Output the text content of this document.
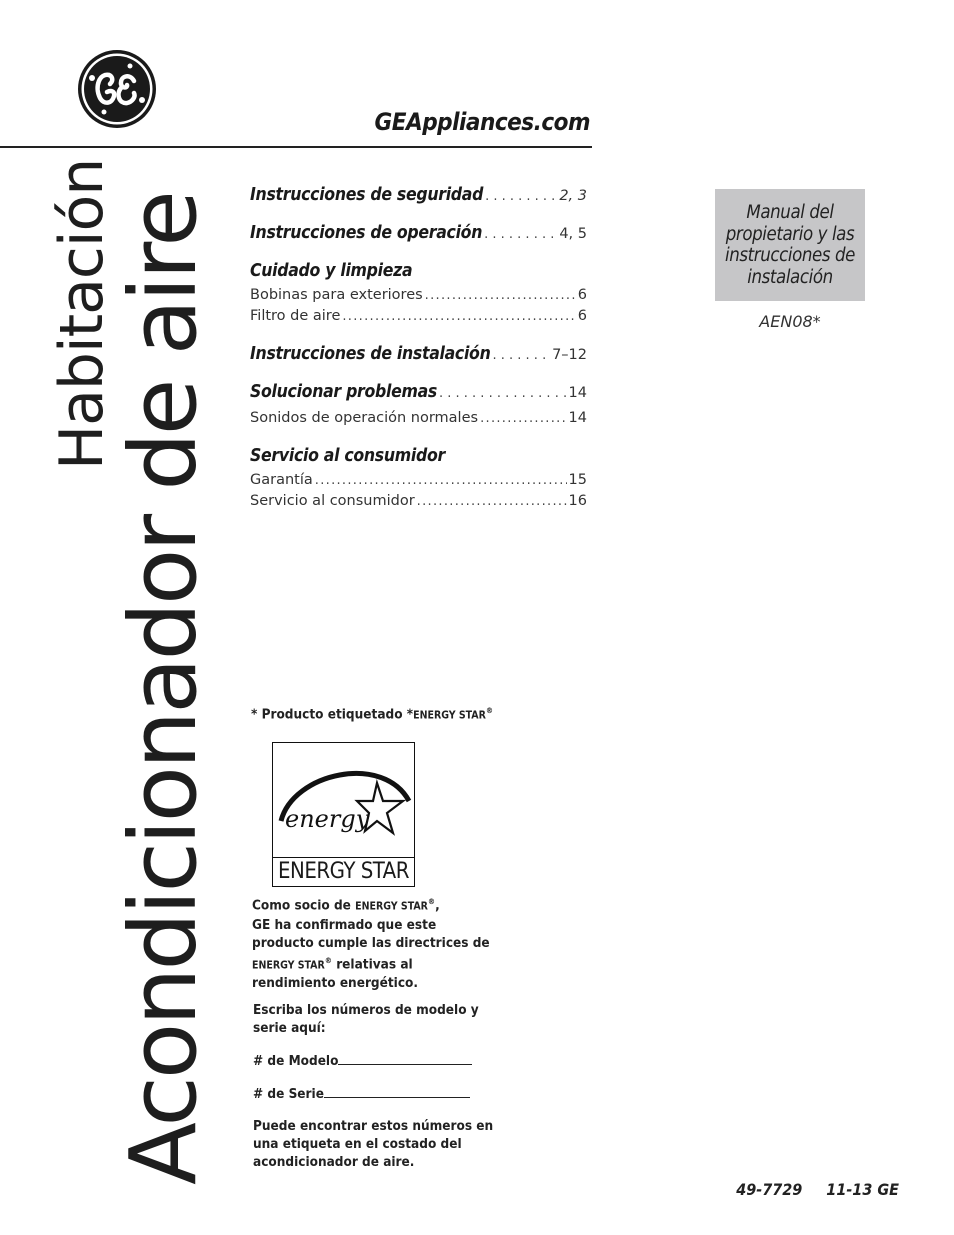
GEAppliances.com
Habitación
Acondicionador de aire Instrucciones de seguridad . . .	2, 3
Instrucciones de operación . . .	4, 5
Cuidado y limpieza
Bobinas para exteriores .....	6
Filtro de aire .....	6
Instrucciones de instalación . . .	7–12
Solucionar problemas . . .	14
Sonidos de operación normales .....	14
Servicio al consumidor
Garantía .....	15
Servicio al consumidor .....	16
Manual del propietario y las instrucciones de instalación
AEN08*
* Producto etiquetado *ENERGY STAR®
energy
ENERGY STAR
Como socio de ENERGY STAR®,
GE ha confirmado que este producto cumple las directrices de ENERGY STAR® relativas al rendimiento energético.
Escriba los números de modelo y serie aquí:
# de Modelo
# de Serie
Puede encontrar estos números en una etiqueta en el costado del acondicionador de aire.
49-7729 11-13 GE
